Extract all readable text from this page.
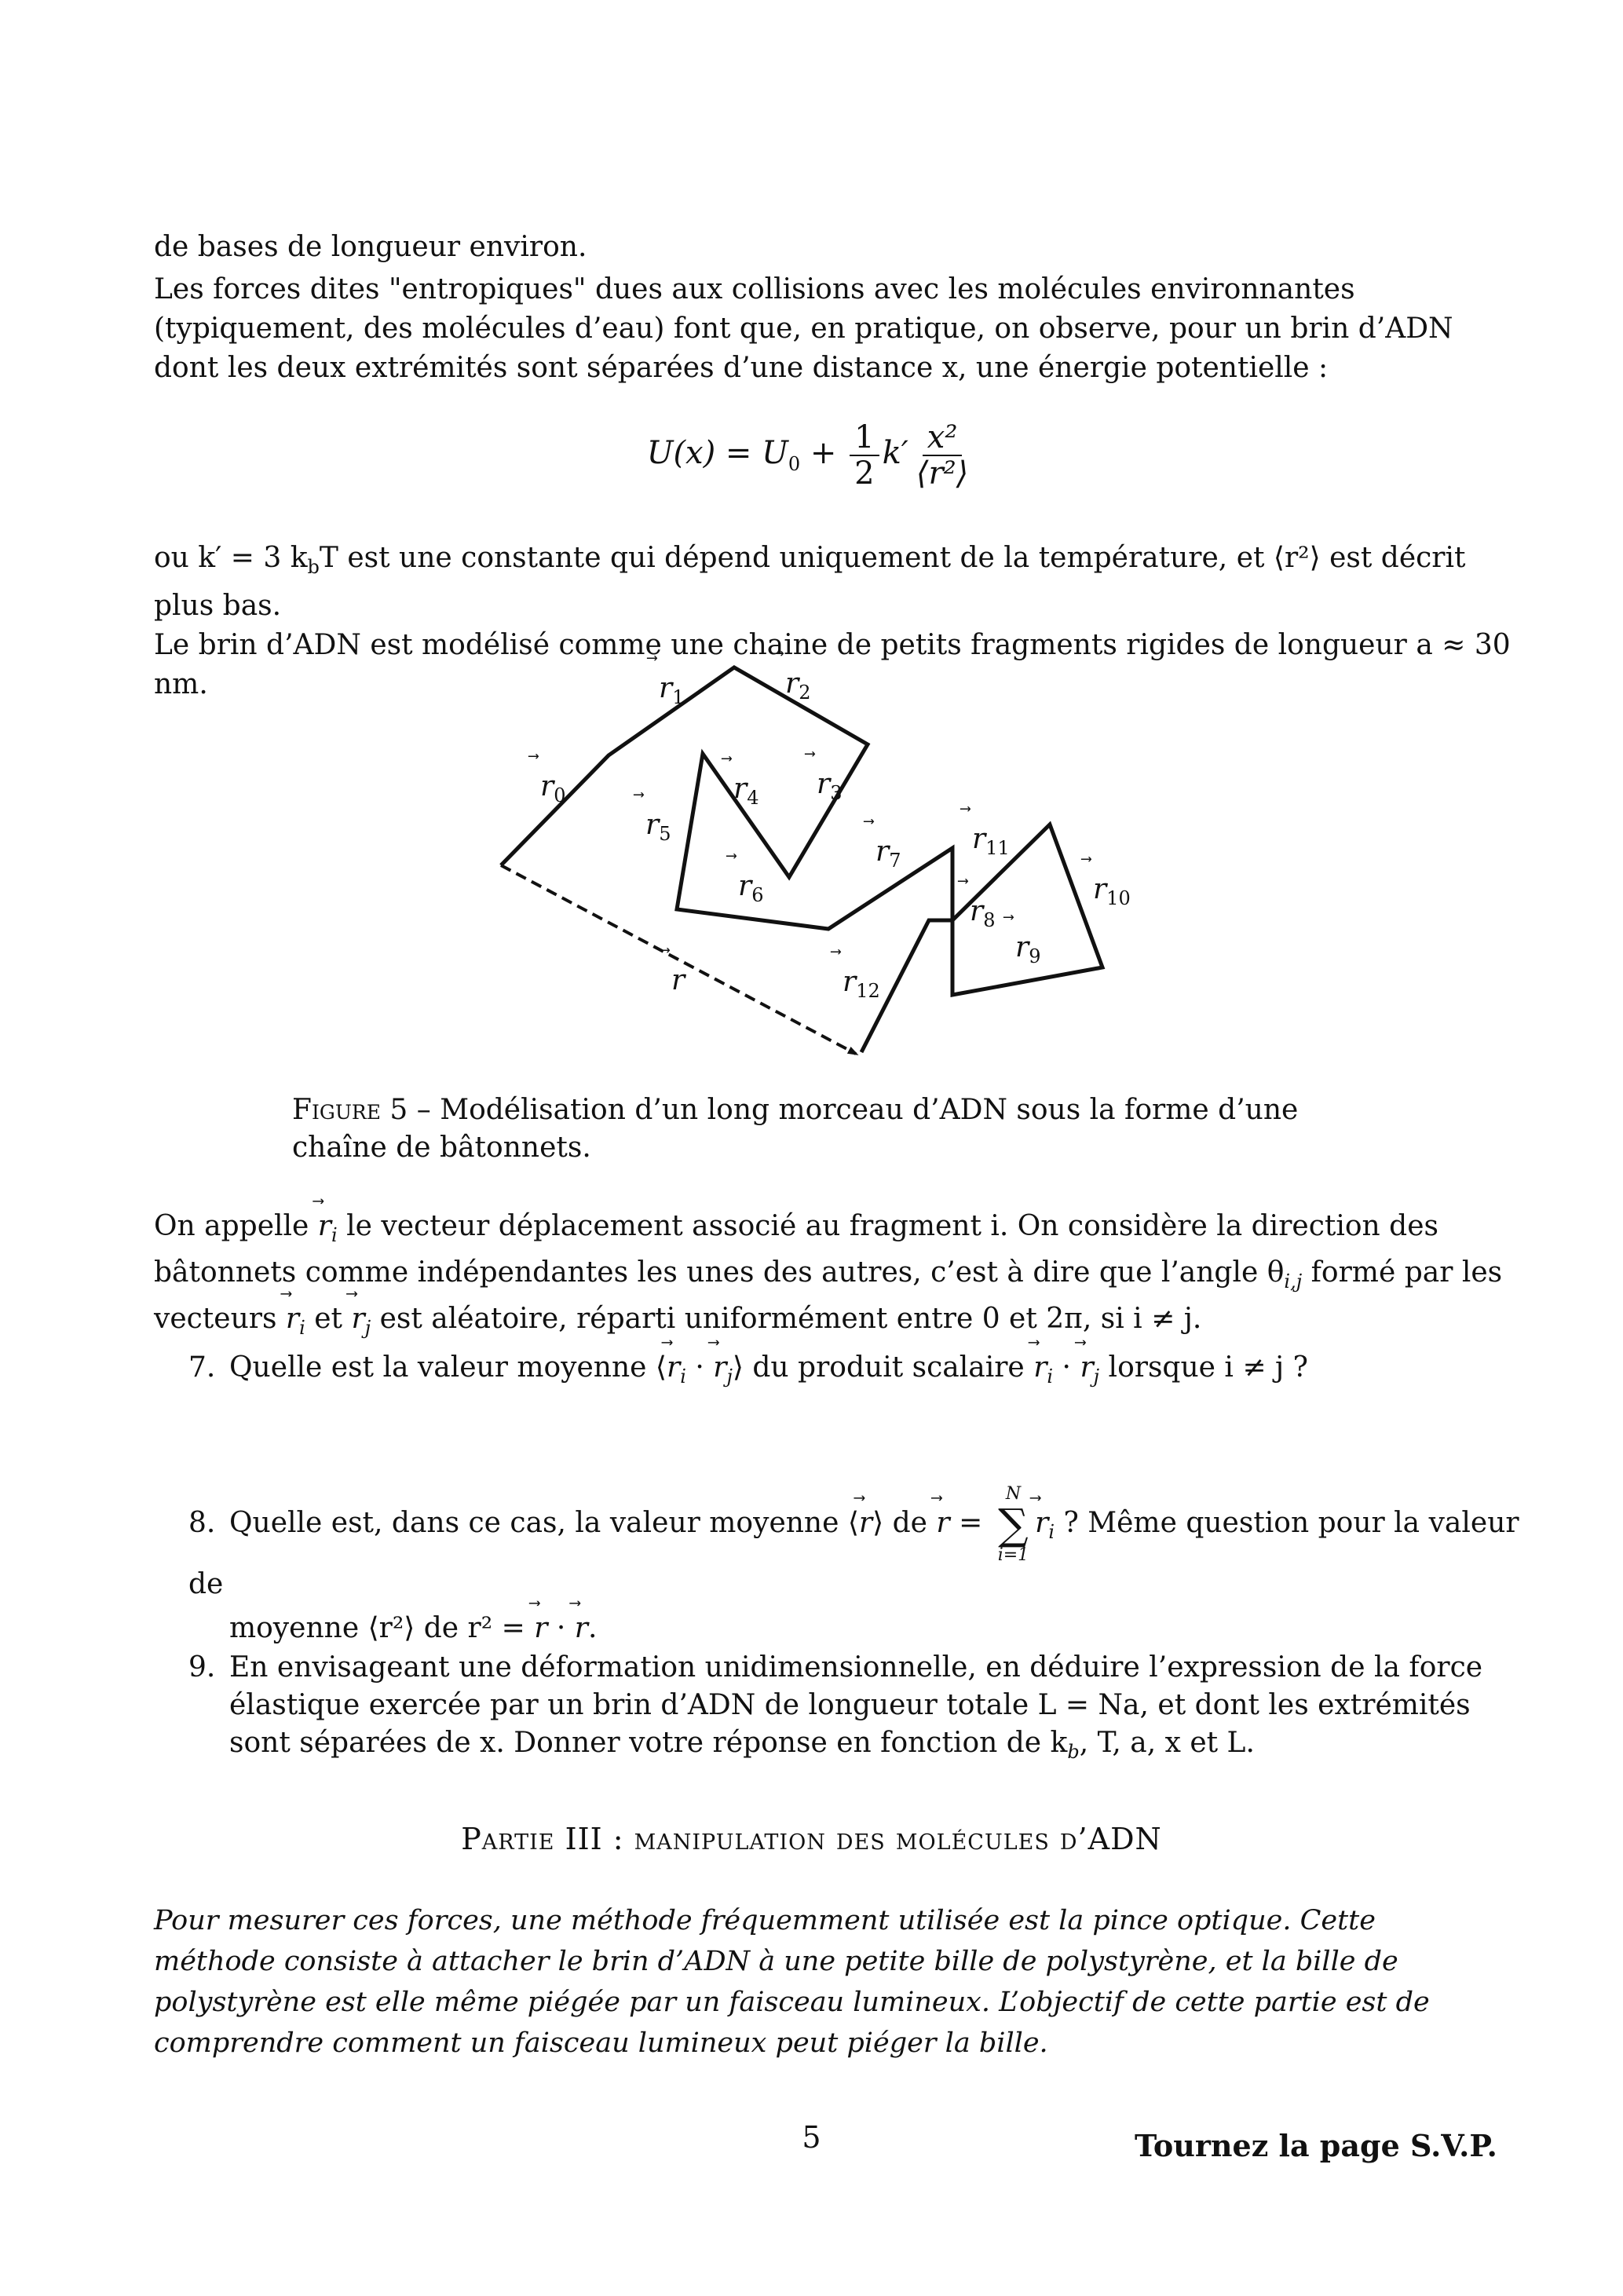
de bases de longueur environ.
Les forces dites "entropiques" dues aux collisions avec les molécules environnantes (typiquement, des molécules d’eau) font que, en pratique, on observe, pour un brin d’ADN dont les deux extrémités sont séparées d’une distance x, une énergie potentielle :
$U(x) = U_0 + \frac{1}{2} k' \frac{\text{x²}}{\text{⟨r²⟩}}$
ou k′ = 3 $k_bT$ est une constante qui dépend uniquement de la température, et ⟨r²⟩ est décrit plus bas.
Le brin d’ADN est modélisé comme une chaine de petits fragments rigides de longueur a ≈ 30 nm.
$r_0$
$r_1$	$r_2$
$r_3$
$r_4$
$r_5$
$r_6$
$r_7$
$r_8$
$r_9$
$r_{10}$
$r_{11}$
$r_{12}$
r
Figure 5 – Modélisation d’un long morceau d’ADN sous la forme d’une chaîne de bâtonnets.
On appelle ⃗ $r_i$ le vecteur déplacement associé au fragment i. On considère la direction des bâtonnets comme indépendantes les unes des autres, c’est à dire que l’angle $\theta_{i,j}$ formé par les vecteurs ⃗ $r_i$ et ⃗ $r_j$ est aléatoire, réparti uniformément entre 0 et 2π, si i ≠ j.
7. Quelle est la valeur moyenne ⟨⃗ $r_i$ · ⃗ $r_j⟩$ du produit scalaire ⃗ $r_i$ · ⃗ $r_j$ lorsque i ≠ j ?
8. Quelle est, dans ce cas, la valeur moyenne ⟨⃗ r⟩ de ⃗ r =
N
∑
i=1
⃗ $r_i$ ? Même question pour la valeur de
moyenne ⟨r²⟩ de r² = ⃗ r · ⃗ r.
9. En envisageant une déformation unidimensionnelle, en déduire l’expression de la force élastique exercée par un brin d’ADN de longueur totale L = Na, et dont les extrémités sont séparées de x. Donner votre réponse en fonction de $k_b$, T, a, x et L.
Partie III : manipulation des molécules d’ADN
Pour mesurer ces forces, une méthode fréquemment utilisée est la pince optique. Cette méthode consiste à attacher le brin d’ADN à une petite bille de polystyrène, et la bille de polystyrène est elle même piégée par un faisceau lumineux. L’objectif de cette partie est de comprendre comment un faisceau lumineux peut piéger la bille.
5	Tournez la page S.V.P.
